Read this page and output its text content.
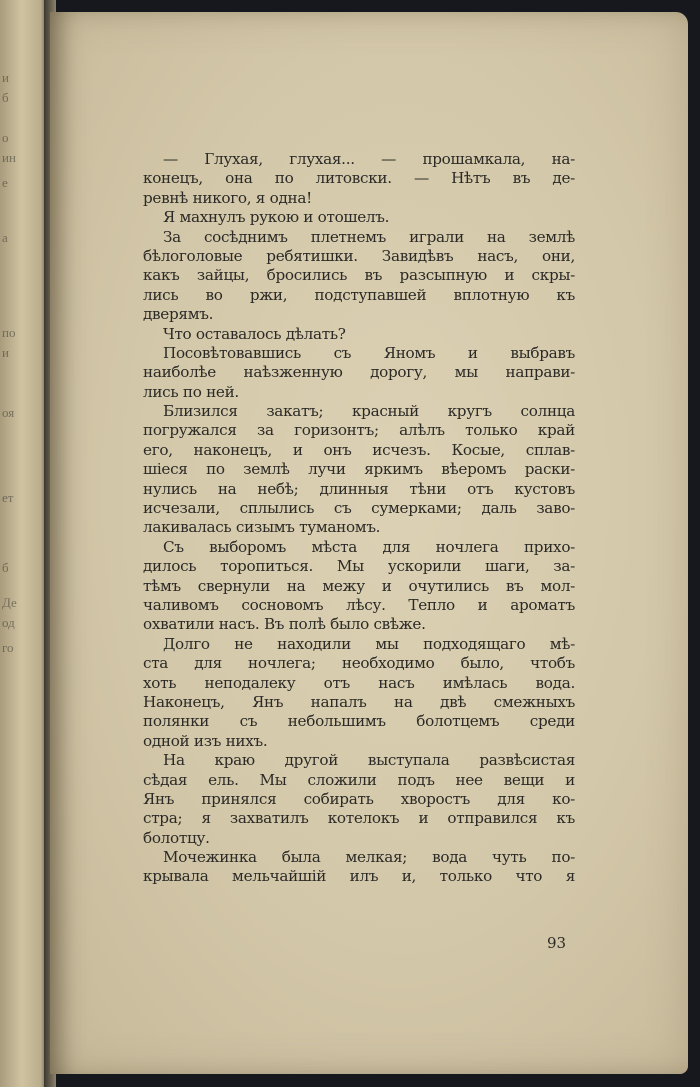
и
б
о
ин
е
а
по
и
оя
ет
б
Де
од
го
— Глухая, глухая... — прошамкала, на-
конецъ, она по литовски. — Нѣтъ въ де-
ревнѣ никого, я одна!
Я махнулъ рукою и отошелъ.
За сосѣднимъ плетнемъ играли на землѣ
бѣлоголовые ребятишки. Завидѣвъ насъ, они,
какъ зайцы, бросились въ разсыпную и скры-
лись во ржи, подступавшей вплотную къ
дверямъ.
Что оставалось дѣлать?
Посовѣтовавшись съ Яномъ и выбравъ
наиболѣе наѣзженную дорогу, мы направи-
лись по ней.
Близился закатъ; красный кругъ солнца
погружался за горизонтъ; алѣлъ только край
его, наконецъ, и онъ исчезъ. Косые, сплав-
шіеся по землѣ лучи яркимъ вѣеромъ раски-
нулись на небѣ; длинныя тѣни отъ кустовъ
исчезали, сплылись съ сумерками; даль заво-
лакивалась сизымъ туманомъ.
Съ выборомъ мѣста для ночлега прихо-
дилось торопиться. Мы ускорили шаги, за-
тѣмъ свернули на межу и очутились въ мол-
чаливомъ сосновомъ лѣсу. Тепло и ароматъ
охватили насъ. Въ полѣ было свѣже.
Долго не находили мы подходящаго мѣ-
ста для ночлега; необходимо было, чтобъ
хоть неподалеку отъ насъ имѣлась вода.
Наконецъ, Янъ напалъ на двѣ смежныхъ
полянки съ небольшимъ болотцемъ среди
одной изъ нихъ.
На краю другой выступала развѣсистая
сѣдая ель. Мы сложили подъ нее вещи и
Янъ принялся собирать хворостъ для ко-
стра; я захватилъ котелокъ и отправился къ
болотцу.
Мочежинка была мелкая; вода чуть по-
крывала мельчайшій илъ и, только что я
93
